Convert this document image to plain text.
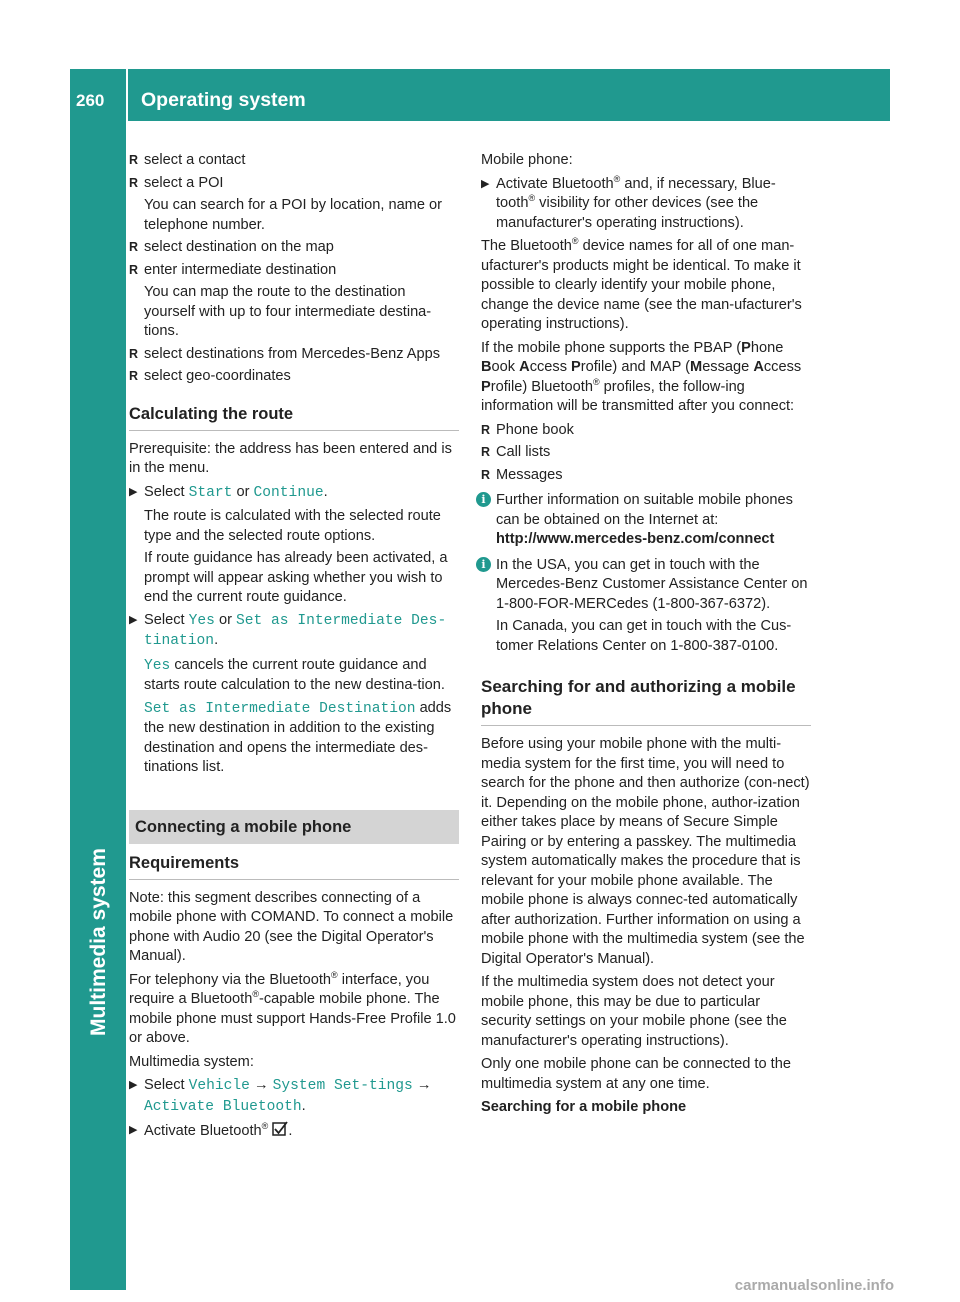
260	Operating system
Multimedia system
R select a contact
R select a POI
You can search for a POI by location, name or telephone number.
R select destination on the map
R enter intermediate destination
You can map the route to the destination yourself with up to four intermediate destina-tions.
R select destinations from Mercedes-Benz Apps
R select geo-coordinates
Calculating the route

Prerequisite: the address has been entered and is in the menu.

▶ Select Start or Continue.
The route is calculated with the selected route type and the selected route options.
If route guidance has already been activated, a prompt will appear asking whether you wish to end the current route guidance.
▶ Select Yes or Set as Intermediate Des-tination.
Yes cancels the current route guidance and starts route calculation to the new destina-tion.
Set as Intermediate Destination adds the new destination in addition to the existing destination and opens the intermediate des-tinations list.
Connecting a mobile phone
Requirements

Note: this segment describes connecting of a mobile phone with COMAND. To connect a mobile phone with Audio 20 (see the Digital Operator's Manual).

For telephony via the Bluetooth® interface, you require a Bluetooth®-capable mobile phone. The mobile phone must support Hands-Free Profile 1.0 or above.

Multimedia system:

▶ Select Vehicle → System Set-tings → Activate Bluetooth.
▶ Activate Bluetooth® .

Mobile phone:

▶ Activate Bluetooth® and, if necessary, Blue-tooth® visibility for other devices (see the manufacturer's operating instructions).

The Bluetooth® device names for all of one man-ufacturer's products might be identical. To make it possible to clearly identify your mobile phone, change the device name (see the man-ufacturer's operating instructions).

If the mobile phone supports the PBAP (Phone Book Access Profile) and MAP (Message Access Profile) Bluetooth® profiles, the follow-ing information will be transmitted after you connect:

R Phone book
R Call lists
R Messages
i Further information on suitable mobile phones can be obtained on the Internet at:
http://www.mercedes-benz.com/connect
i In the USA, you can get in touch with the Mercedes-Benz Customer Assistance Center on 1-800-FOR-MERCedes (1-800-367-6372).
In Canada, you can get in touch with the Cus-tomer Relations Center on 1-800-387-0100.
Searching for and authorizing a mobile phone

Before using your mobile phone with the multi-media system for the first time, you will need to search for the phone and then authorize (con-nect) it. Depending on the mobile phone, author-ization either takes place by means of Secure Simple Pairing or by entering a passkey. The multimedia system automatically makes the procedure that is relevant for your mobile phone available. The mobile phone is always connec-ted automatically after authorization. Further information on using a mobile phone with the multimedia system (see the Digital Operator's Manual).

If the multimedia system does not detect your mobile phone, this may be due to particular security settings on your mobile phone (see the manufacturer's operating instructions).

Only one mobile phone can be connected to the multimedia system at any one time.

Searching for a mobile phone

carmanualsonline.info
